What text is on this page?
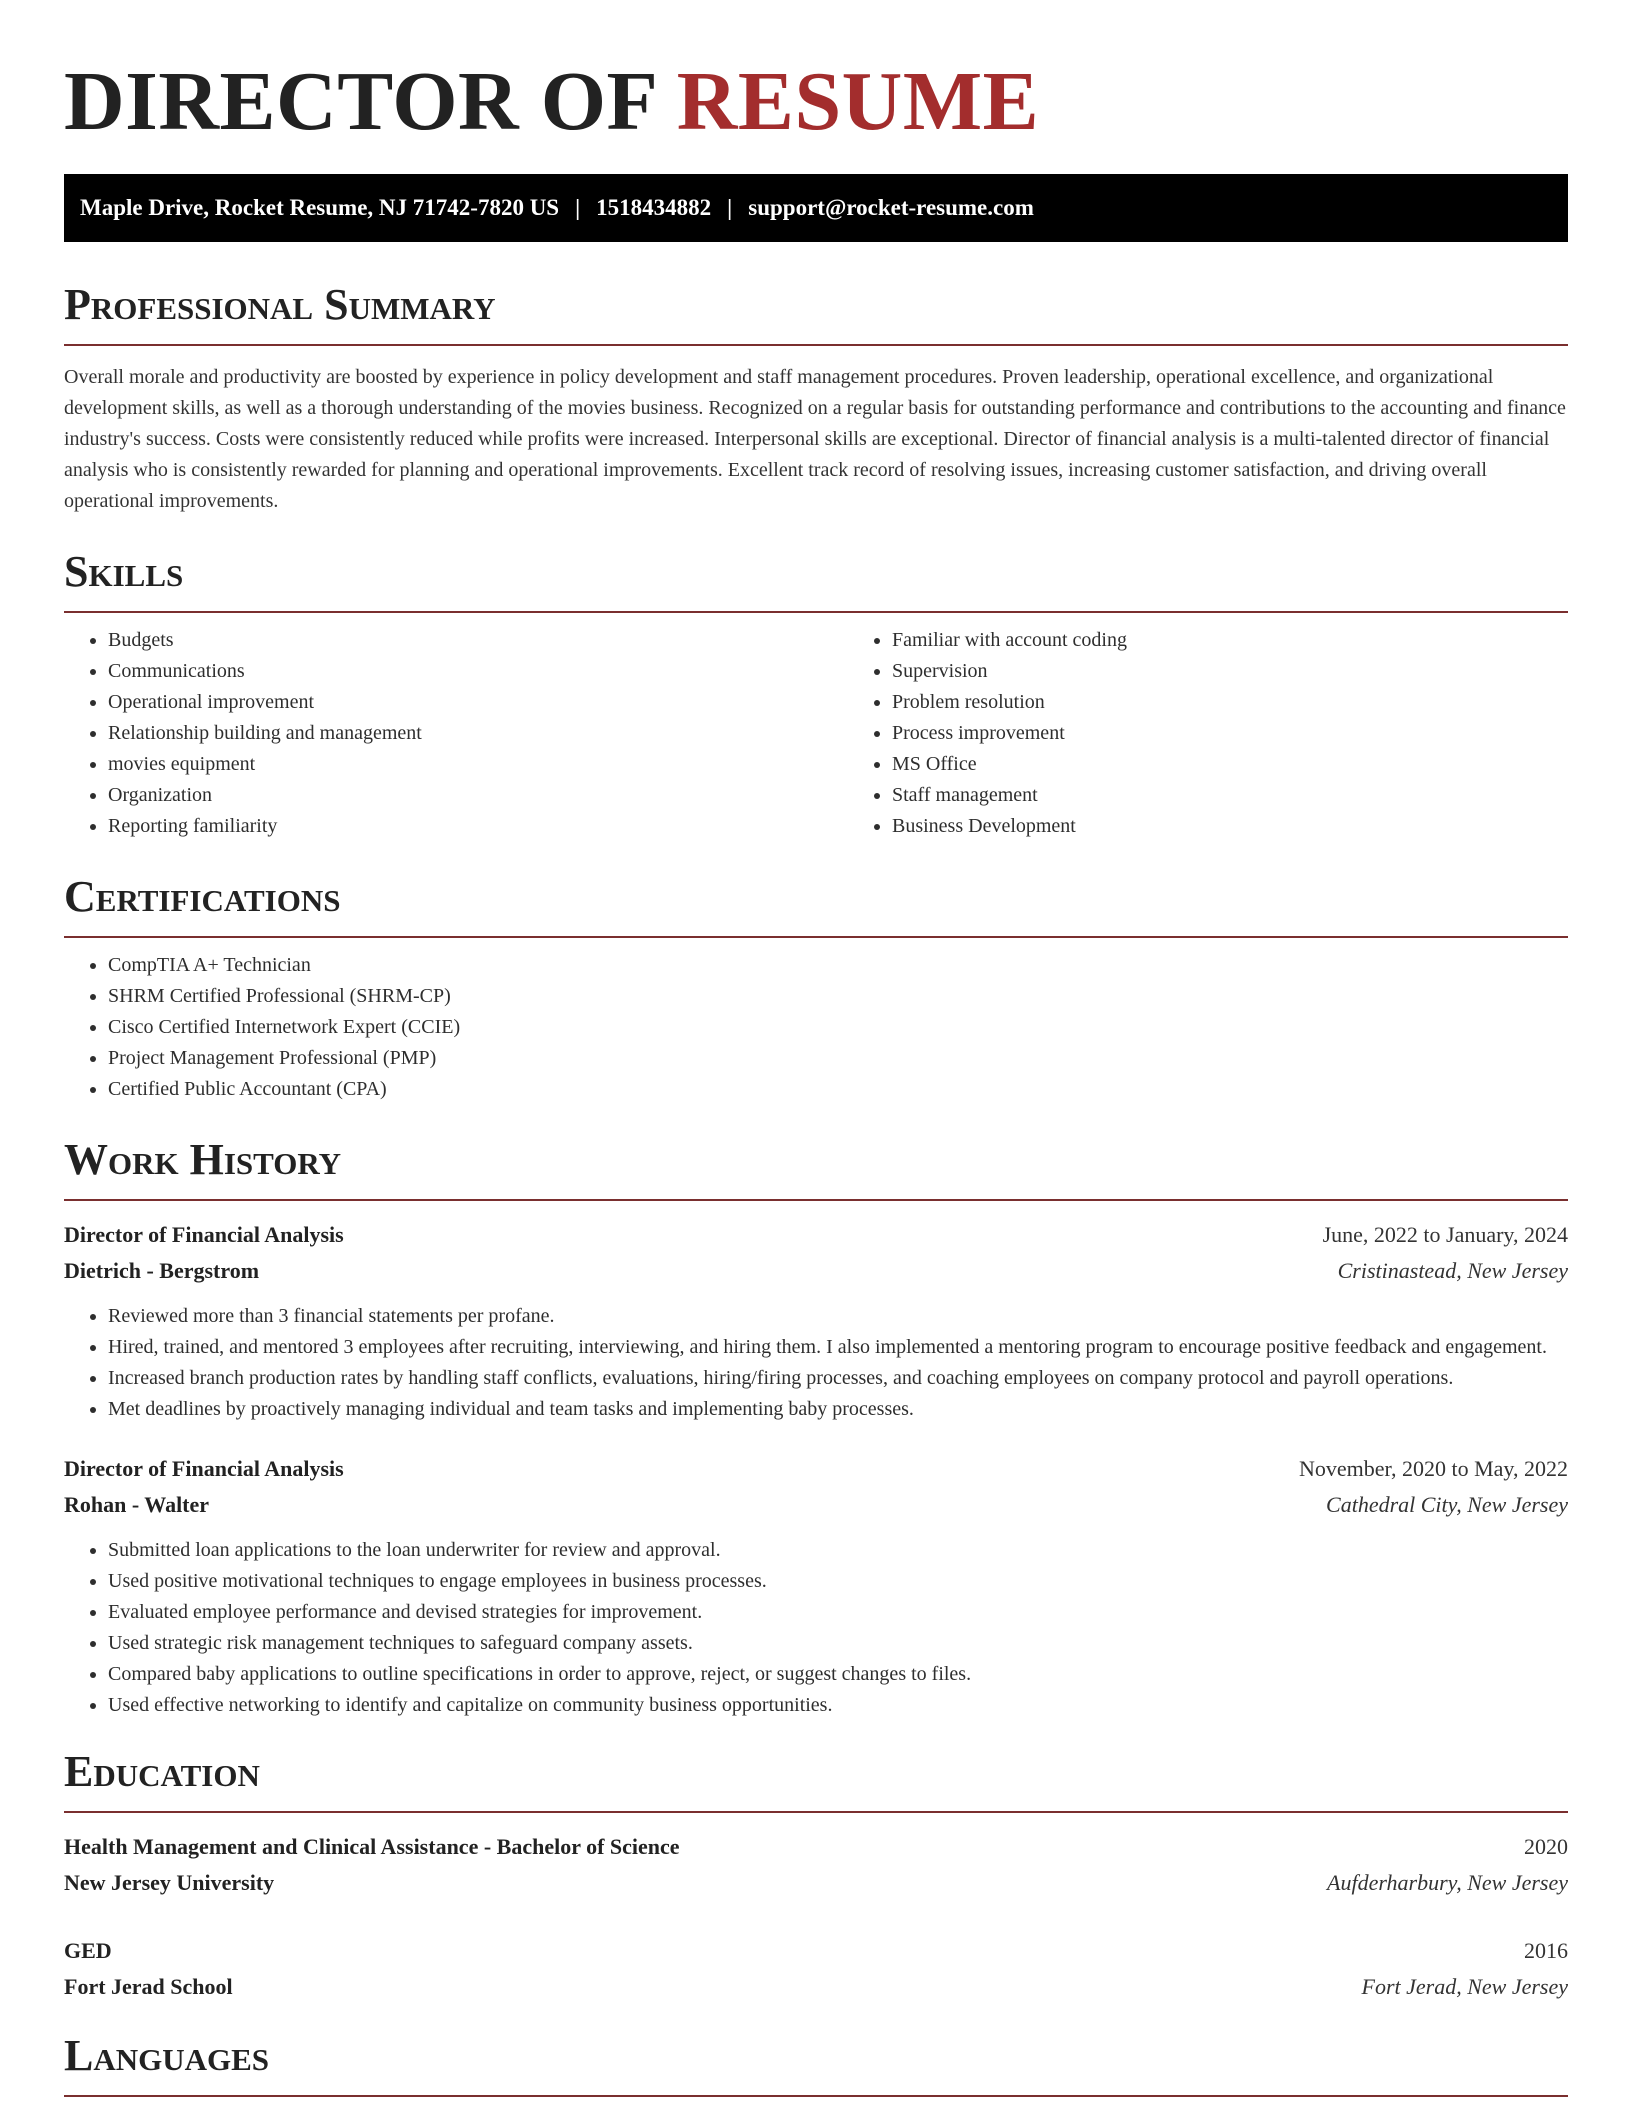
DIRECTOR OF RESUME
Maple Drive, Rocket Resume, NJ 71742-7820 US | 1518434882 | support@rocket-resume.com
Professional Summary

Overall morale and productivity are boosted by experience in policy development and staff management procedures. Proven leadership, operational excellence, and organizational development skills, as well as a thorough understanding of the movies business. Recognized on a regular basis for outstanding performance and contributions to the accounting and finance industry's success. Costs were consistently reduced while profits were increased. Interpersonal skills are exceptional. Director of financial analysis is a multi-talented director of financial analysis who is consistently rewarded for planning and operational improvements. Excellent track record of resolving issues, increasing customer satisfaction, and driving overall operational improvements.

Skills
• Budgets
• Communications
• Operational improvement
• Relationship building and management
• movies equipment
• Organization
• Reporting familiarity
• Familiar with account coding
• Supervision
• Problem resolution
• Process improvement
• MS Office
• Staff management
• Business Development
Certifications
• CompTIA A+ Technician
• SHRM Certified Professional (SHRM-CP)
• Cisco Certified Internetwork Expert (CCIE)
• Project Management Professional (PMP)
• Certified Public Accountant (CPA)
Work History
Director of Financial Analysis	June, 2022 to January, 2024
Dietrich - Bergstrom	Cristinastead, New Jersey
• Reviewed more than 3 financial statements per profane.
• Hired, trained, and mentored 3 employees after recruiting, interviewing, and hiring them. I also implemented a mentoring program to encourage positive feedback and engagement.
• Increased branch production rates by handling staff conflicts, evaluations, hiring/firing processes, and coaching employees on company protocol and payroll operations.
• Met deadlines by proactively managing individual and team tasks and implementing baby processes.
Director of Financial Analysis	November, 2020 to May, 2022
Rohan - Walter	Cathedral City, New Jersey
• Submitted loan applications to the loan underwriter for review and approval.
• Used positive motivational techniques to engage employees in business processes.
• Evaluated employee performance and devised strategies for improvement.
• Used strategic risk management techniques to safeguard company assets.
• Compared baby applications to outline specifications in order to approve, reject, or suggest changes to files.
• Used effective networking to identify and capitalize on community business opportunities.
Education
Health Management and Clinical Assistance - Bachelor of Science	2020
New Jersey University	Aufderharbury, New Jersey
GED	2016
Fort Jerad School	Fort Jerad, New Jersey
Languages
